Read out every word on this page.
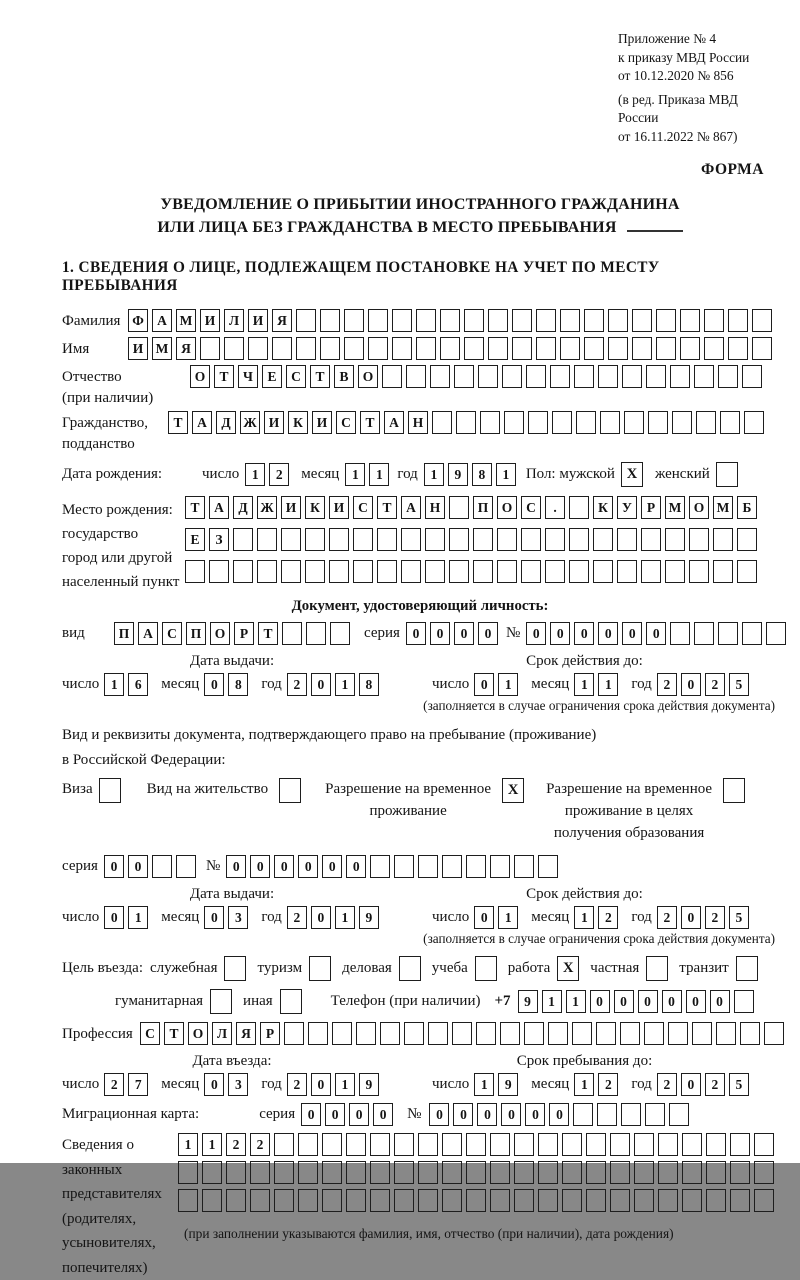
Приложение № 4
к приказу МВД России
от 10.12.2020 № 856
(в ред. Приказа МВД России
от 16.11.2022 № 867)
ФОРМА
УВЕДОМЛЕНИЕ О ПРИБЫТИИ ИНОСТРАННОГО ГРАЖДАНИНА
ИЛИ ЛИЦА БЕЗ ГРАЖДАНСТВА В МЕСТО ПРЕБЫВАНИЯ
1. СВЕДЕНИЯ О ЛИЦЕ, ПОДЛЕЖАЩЕМ ПОСТАНОВКЕ НА УЧЕТ ПО МЕСТУ ПРЕБЫВАНИЯ
Фамилия Ф А М И	Л	И	Я
Имя	И М Я
Отчество
(при наличии)
О	Т	Ч	Е	С	Т	В	О
Гражданство,
подданство
Т	А	Д Ж И	К	И	С	Т	А	Н
Дата рождения:	число 1	2	месяц 1	1 год 1	9	8	1	Пол: мужской X	женский
Место рождения:
государство
город или другой
населенный пункт
Т	А	Д Ж И	К	И	С	Т	А	Н	П О	С	.	К	У	Р	М О М Б
Е	З
Документ, удостоверяющий личность:
вид	П	А	С	П О	Р	Т	серия 0	0	0	0 № 0	0	0	0	0	0
Дата выдачи:
число 1	6	месяц 0	8	год 2	0	1	8
Срок действия до:
число 0	1	месяц 1	1	год 2	0	2	5
(заполняется в случае ограничения срока действия документа)
Вид и реквизиты документа, подтверждающего право на пребывание (проживание)
в Российской Федерации:
Виза	Вид на жительство	Разрешение на временное
проживание
X	Разрешение на временное
проживание в целях
получения образования
серия 0	0	№ 0	0	0	0	0	0
Дата выдачи:
число 0	1	месяц 0	3	год 2	0	1	9
Срок действия до:
число 0	1	месяц 1	2	год 2	0	2	5
(заполняется в случае ограничения срока действия документа)
Цель въезда: служебная	туризм	деловая	учеба	работа X	частная	транзит
гуманитарная	иная	Телефон (при наличии) +7	9	1	1	0	0	0	0	0	0
Профессия С	Т	О	Л	Я	Р
Дата въезда:
число 2	7	месяц 0	3	год 2	0	1	9
Срок пребывания до:
число 1	9	месяц 1	2	год 2	0	2	5
Миграционная карта:	серия 0	0	0	0	№	0	0	0	0	0	0
Сведения о
законных
представителях
(родителях,
усыновителях,
попечителях)
1	1	2	2
(при заполнении указываются фамилия, имя, отчество (при наличии), дата рождения)
